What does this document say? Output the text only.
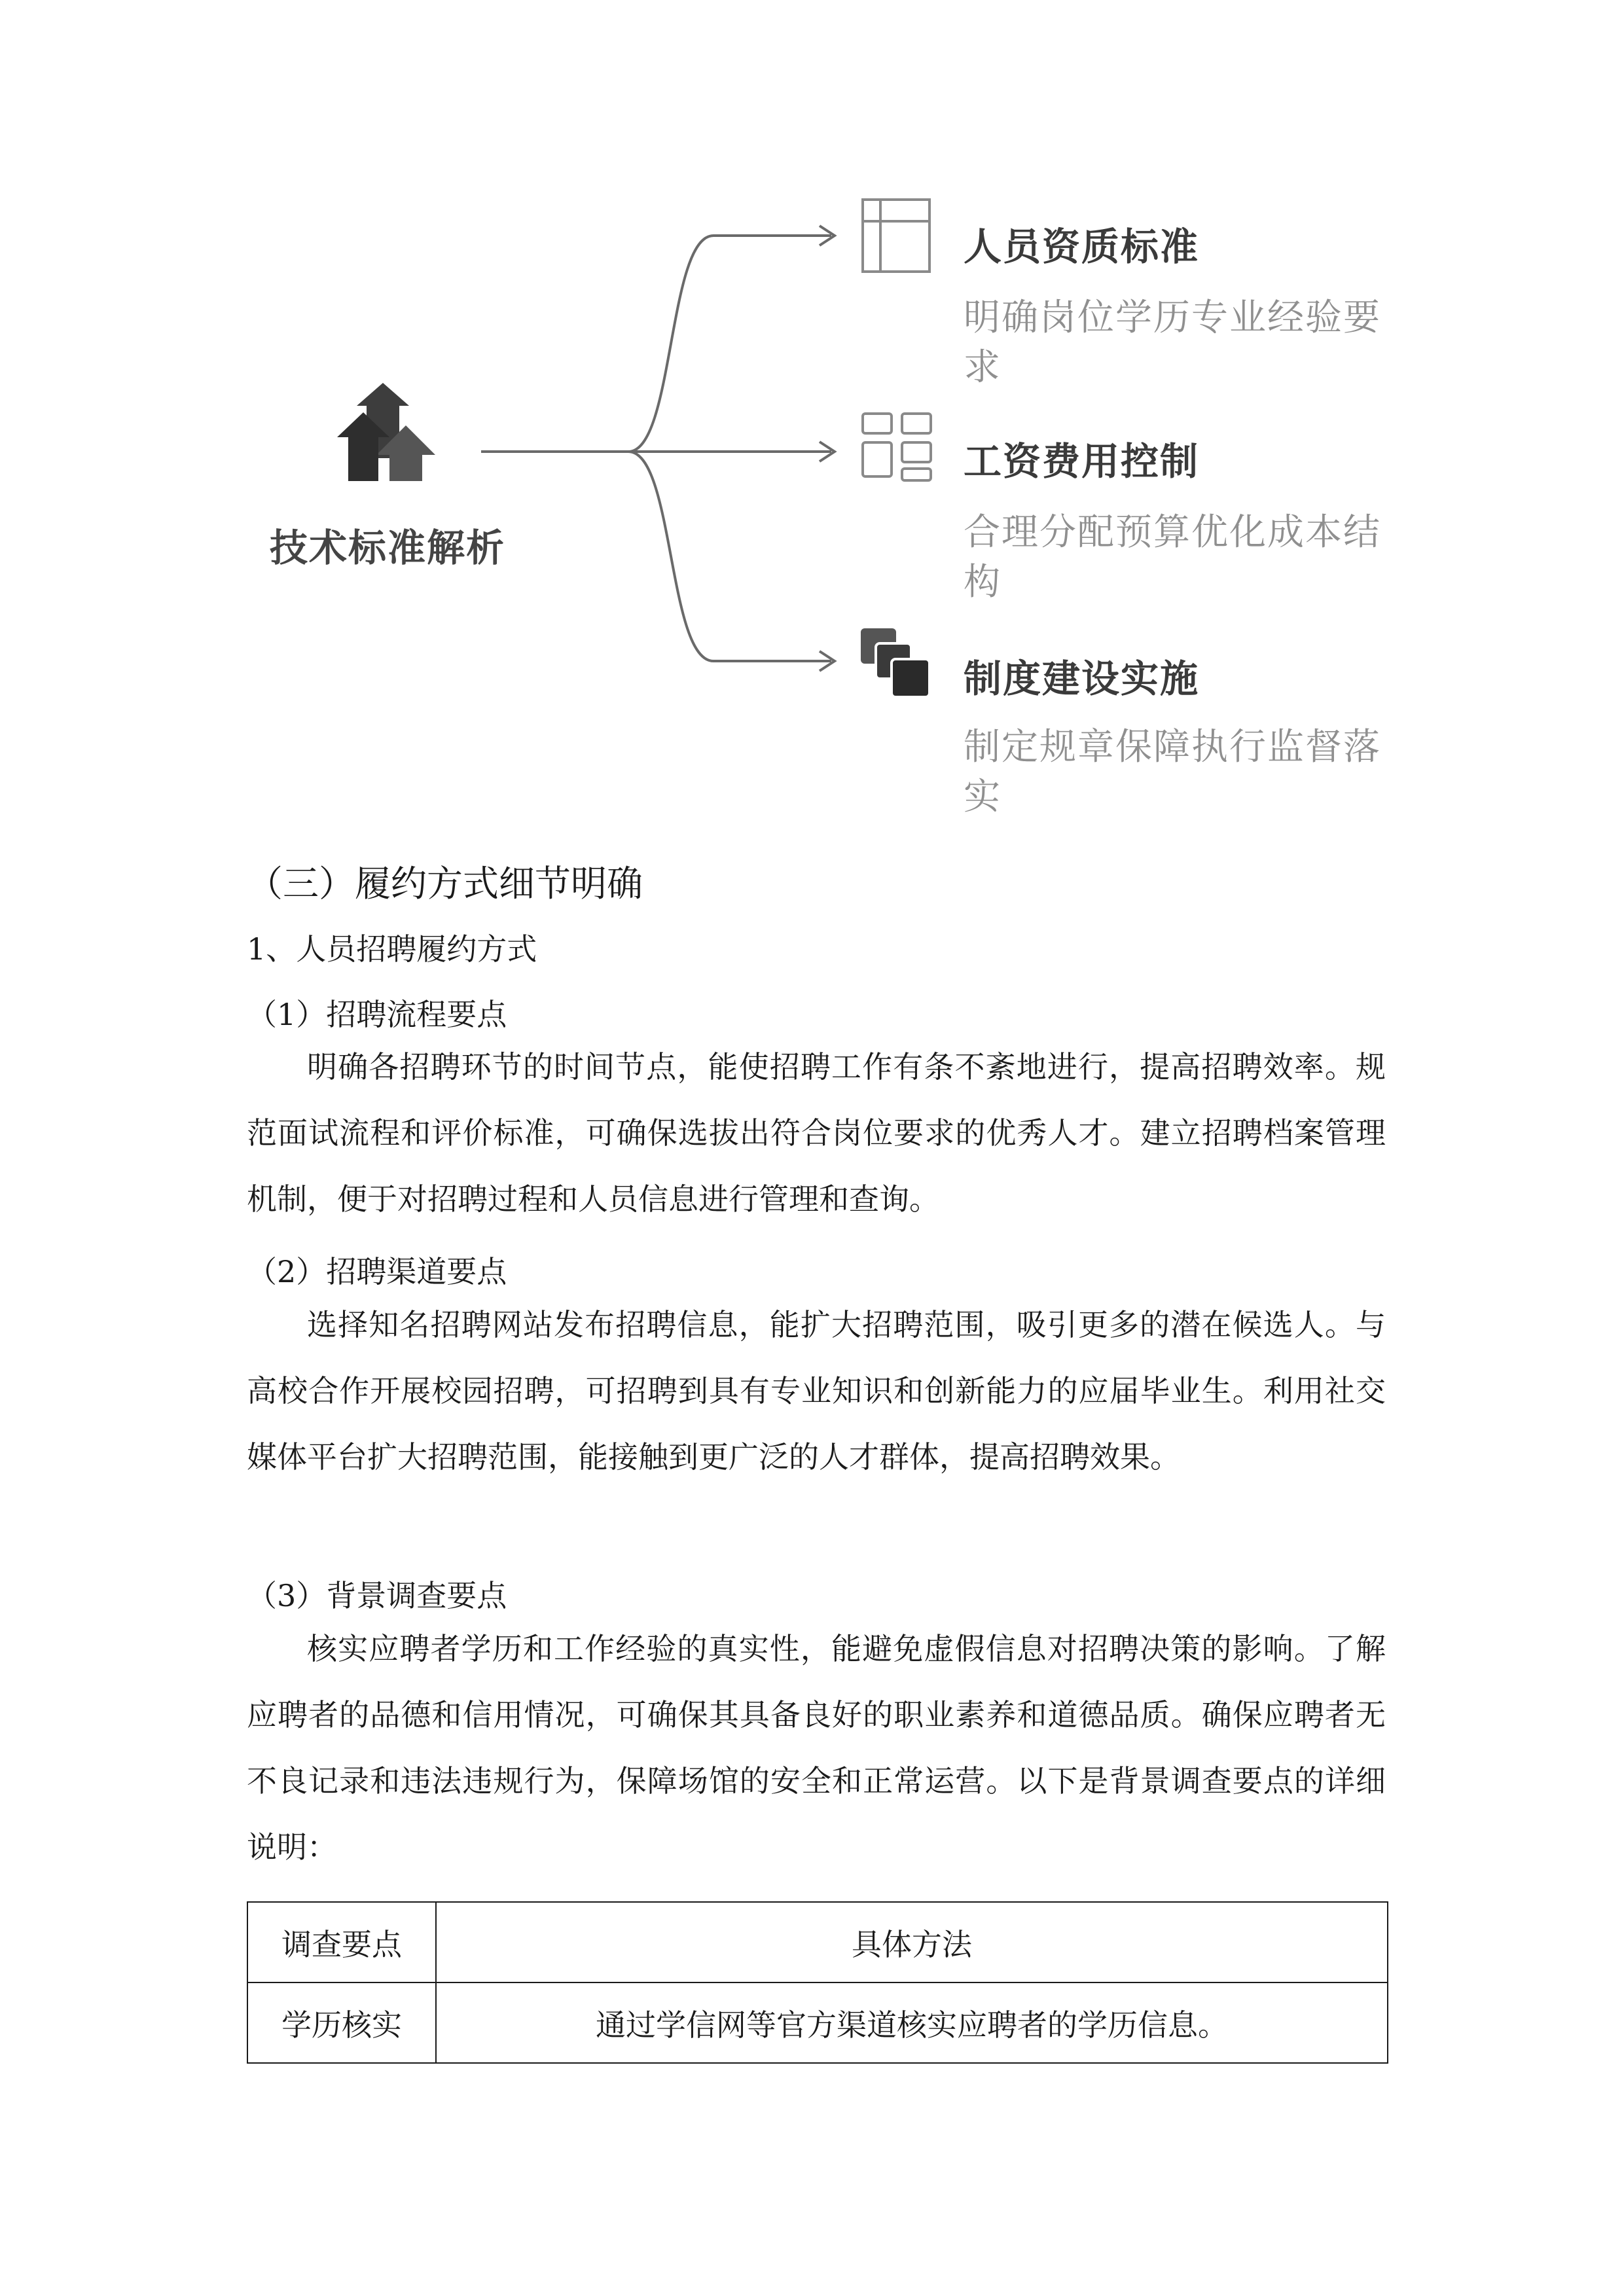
技术标准解析
人员资质标准
明确岗位学历专业经验要求
工资费用控制
合理分配预算优化成本结构
制度建设实施
制定规章保障执行监督落实
（三）履约方式细节明确
1、人员招聘履约方式
（1）招聘流程要点

明确各招聘环节的时间节点，能使招聘工作有条不紊地进行，提高招聘效率。规范面试流程和评价标准，可确保选拔出符合岗位要求的优秀人才。建立招聘档案管理机制，便于对招聘过程和人员信息进行管理和查询。

（2）招聘渠道要点

选择知名招聘网站发布招聘信息，能扩大招聘范围，吸引更多的潜在候选人。与高校合作开展校园招聘，可招聘到具有专业知识和创新能力的应届毕业生。利用社交媒体平台扩大招聘范围，能接触到更广泛的人才群体，提高招聘效果。

（3）背景调查要点

核实应聘者学历和工作经验的真实性，能避免虚假信息对招聘决策的影响。了解应聘者的品德和信用情况，可确保其具备良好的职业素养和道德品质。确保应聘者无不良记录和违法违规行为，保障场馆的安全和正常运营。以下是背景调查要点的详细说明：

调查要点	具体方法
学历核实	通过学信网等官方渠道核实应聘者的学历信息。
